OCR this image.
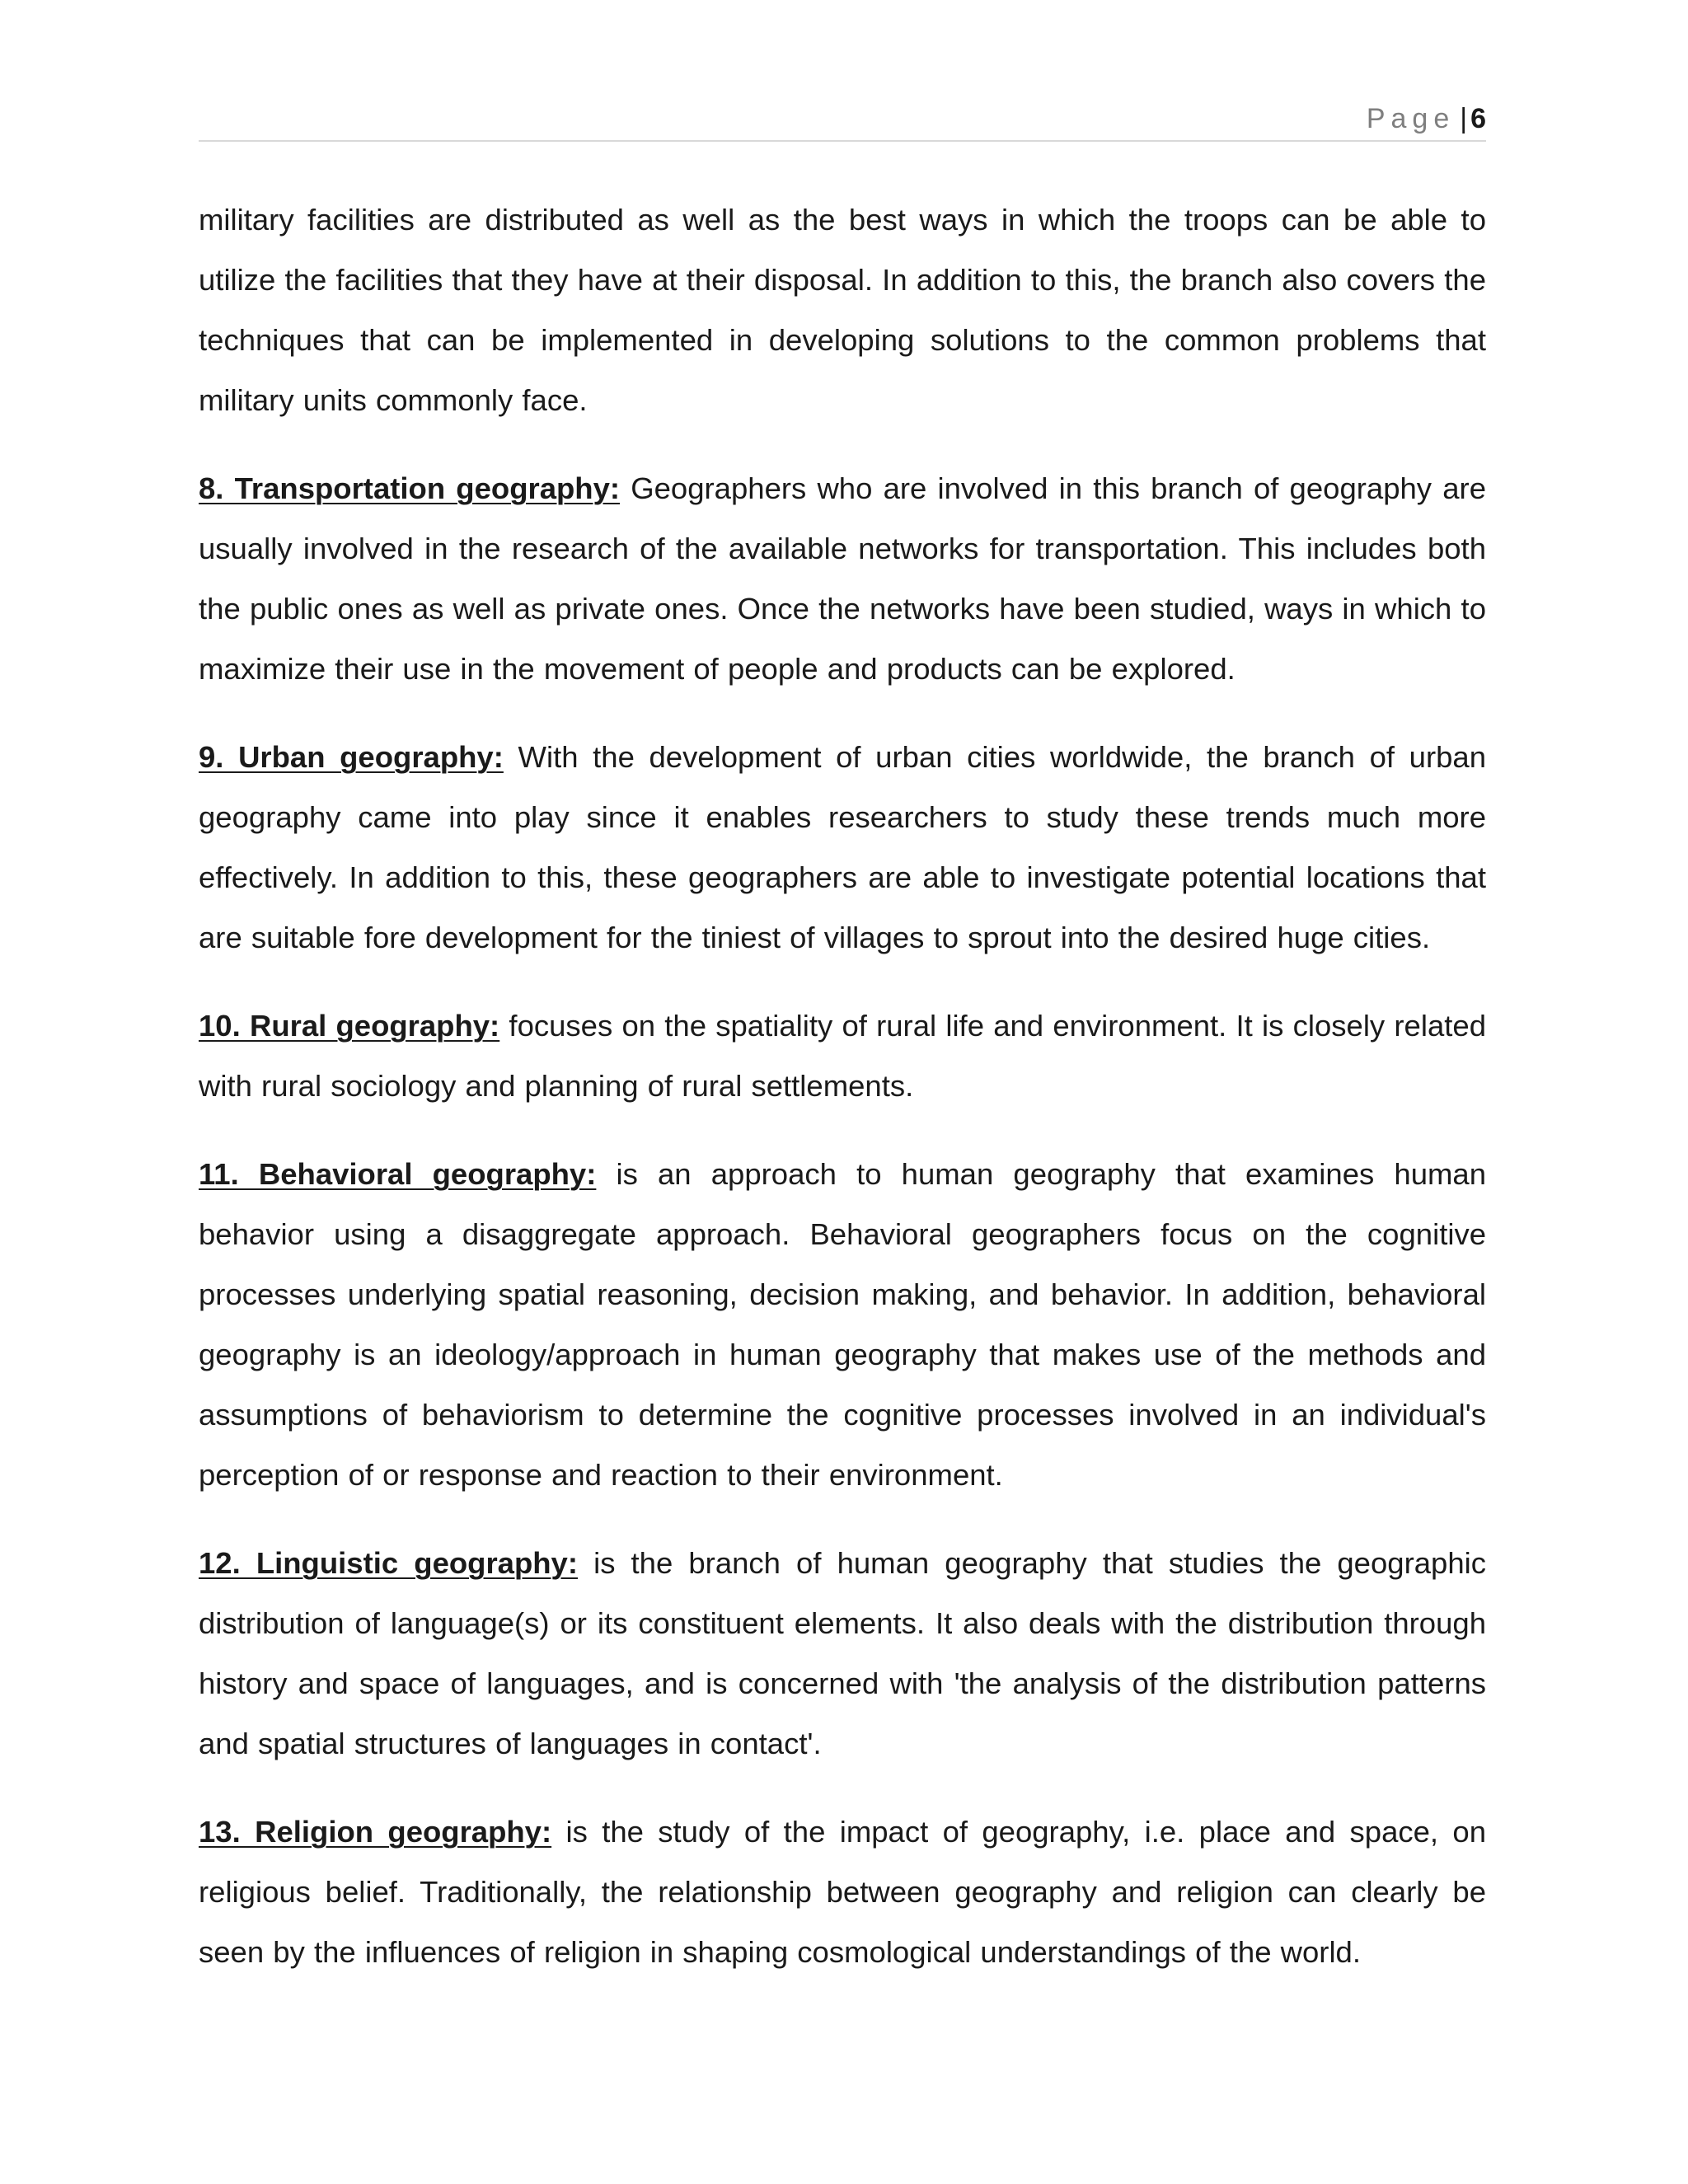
Page | 6

military facilities are distributed as well as the best ways in which the troops can be able to utilize the facilities that they have at their disposal. In addition to this, the branch also covers the techniques that can be implemented in developing solutions to the common problems that military units commonly face.

8. Transportation geography: Geographers who are involved in this branch of geography are usually involved in the research of the available networks for transportation. This includes both the public ones as well as private ones. Once the networks have been studied, ways in which to maximize their use in the movement of people and products can be explored.

9. Urban geography: With the development of urban cities worldwide, the branch of urban geography came into play since it enables researchers to study these trends much more effectively. In addition to this, these geographers are able to investigate potential locations that are suitable fore development for the tiniest of villages to sprout into the desired huge cities.

10. Rural geography: focuses on the spatiality of rural life and environment. It is closely related with rural sociology and planning of rural settlements.

11. Behavioral geography: is an approach to human geography that examines human behavior using a disaggregate approach. Behavioral geographers focus on the cognitive processes underlying spatial reasoning, decision making, and behavior. In addition, behavioral geography is an ideology/approach in human geography that makes use of the methods and assumptions of behaviorism to determine the cognitive processes involved in an individual's perception of or response and reaction to their environment.

12. Linguistic geography: is the branch of human geography that studies the geographic distribution of language(s) or its constituent elements. It also deals with the distribution through history and space of languages, and is concerned with 'the analysis of the distribution patterns and spatial structures of languages in contact'.

13. Religion geography: is the study of the impact of geography, i.e. place and space, on religious belief. Traditionally, the relationship between geography and religion can clearly be seen by the influences of religion in shaping cosmological understandings of the world.
